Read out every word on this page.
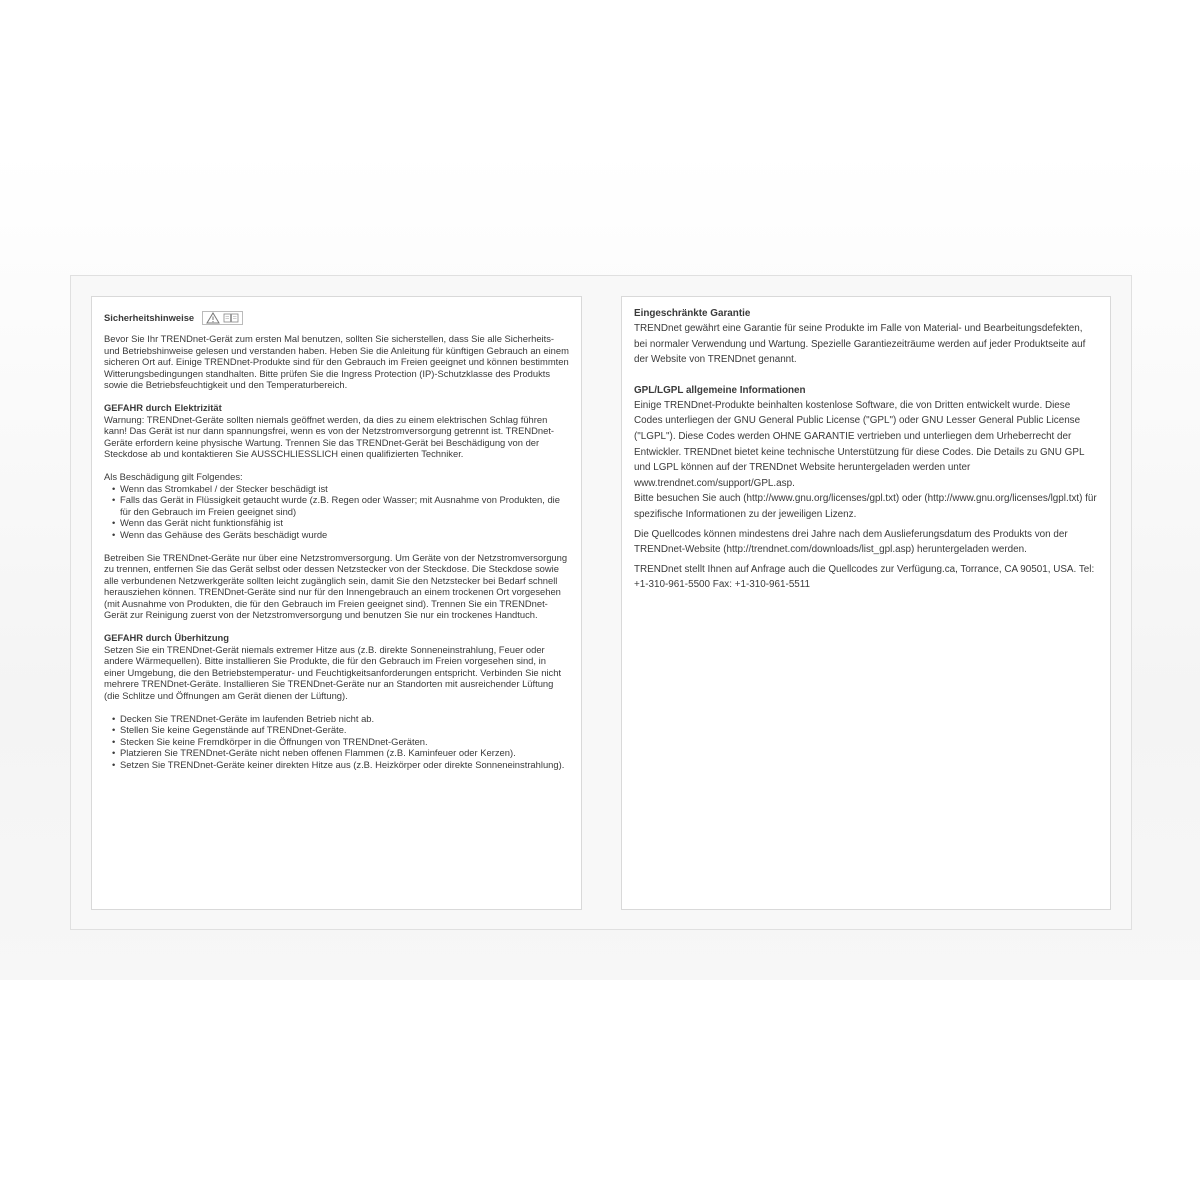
Sicherheitshinweise

Bevor Sie Ihr TRENDnet-Gerät zum ersten Mal benutzen, sollten Sie sicherstellen, dass Sie alle Sicherheits- und Betriebshinweise gelesen und verstanden haben. Heben Sie die Anleitung für künftigen Gebrauch an einem sicheren Ort auf. Einige TRENDnet-Produkte sind für den Gebrauch im Freien geeignet und können bestimmten Witterungsbedingungen standhalten. Bitte prüfen Sie die Ingress Protection (IP)-Schutzklasse des Produkts sowie die Betriebsfeuchtigkeit und den Temperaturbereich.

GEFAHR durch Elektrizität

Warnung: TRENDnet-Geräte sollten niemals geöffnet werden, da dies zu einem elektrischen Schlag führen kann! Das Gerät ist nur dann spannungsfrei, wenn es von der Netzstromversorgung getrennt ist. TRENDnet-Geräte erfordern keine physische Wartung. Trennen Sie das TRENDnet-Gerät bei Beschädigung von der Steckdose ab und kontaktieren Sie AUSSCHLIESSLICH einen qualifizierten Techniker.

Als Beschädigung gilt Folgendes:

• Wenn das Stromkabel / der Stecker beschädigt ist
• Falls das Gerät in Flüssigkeit getaucht wurde (z.B. Regen oder Wasser; mit Ausnahme von Produkten, die für den Gebrauch im Freien geeignet sind)
• Wenn das Gerät nicht funktionsfähig ist
• Wenn das Gehäuse des Geräts beschädigt wurde

Betreiben Sie TRENDnet-Geräte nur über eine Netzstromversorgung. Um Geräte von der Netzstromversorgung zu trennen, entfernen Sie das Gerät selbst oder dessen Netzstecker von der Steckdose. Die Steckdose sowie alle verbundenen Netzwerkgeräte sollten leicht zugänglich sein, damit Sie den Netzstecker bei Bedarf schnell herausziehen können. TRENDnet-Geräte sind nur für den Innengebrauch an einem trockenen Ort vorgesehen (mit Ausnahme von Produkten, die für den Gebrauch im Freien geeignet sind). Trennen Sie ein TRENDnet-Gerät zur Reinigung zuerst von der Netzstromversorgung und benutzen Sie nur ein trockenes Handtuch.

GEFAHR durch Überhitzung

Setzen Sie ein TRENDnet-Gerät niemals extremer Hitze aus (z.B. direkte Sonneneinstrahlung, Feuer oder andere Wärmequellen). Bitte installieren Sie Produkte, die für den Gebrauch im Freien vorgesehen sind, in einer Umgebung, die den Betriebstemperatur- und Feuchtigkeitsanforderungen entspricht. Verbinden Sie nicht mehrere TRENDnet-Geräte. Installieren Sie TRENDnet-Geräte nur an Standorten mit ausreichender Lüftung (die Schlitze und Öffnungen am Gerät dienen der Lüftung).

• Decken Sie TRENDnet-Geräte im laufenden Betrieb nicht ab.
• Stellen Sie keine Gegenstände auf TRENDnet-Geräte.
• Stecken Sie keine Fremdkörper in die Öffnungen von TRENDnet-Geräten.
• Platzieren Sie TRENDnet-Geräte nicht neben offenen Flammen (z.B. Kaminfeuer oder Kerzen).
• Setzen Sie TRENDnet-Geräte keiner direkten Hitze aus (z.B. Heizkörper oder direkte Sonneneinstrahlung).

Eingeschränkte Garantie

TRENDnet gewährt eine Garantie für seine Produkte im Falle von Material- und Bearbeitungsdefekten, bei normaler Verwendung und Wartung. Spezielle Garantiezeiträume werden auf jeder Produktseite auf der Website von TRENDnet genannt.

GPL/LGPL allgemeine Informationen

Einige TRENDnet-Produkte beinhalten kostenlose Software, die von Dritten entwickelt wurde. Diese Codes unterliegen der GNU General Public License ("GPL") oder GNU Lesser General Public License ("LGPL"). Diese Codes werden OHNE GARANTIE vertrieben und unterliegen dem Urheberrecht der Entwickler. TRENDnet bietet keine technische Unterstützung für diese Codes. Die Details zu GNU GPL und LGPL können auf der TRENDnet Website heruntergeladen werden unter www.trendnet.com/support/GPL.asp.

Bitte besuchen Sie auch (http://www.gnu.org/licenses/gpl.txt) oder (http://www.gnu.org/licenses/lgpl.txt) für spezifische Informationen zu der jeweiligen Lizenz.

Die Quellcodes können mindestens drei Jahre nach dem Auslieferungsdatum des Produkts von der TRENDnet-Website (http://trendnet.com/downloads/list_gpl.asp) heruntergeladen werden.

TRENDnet stellt Ihnen auf Anfrage auch die Quellcodes zur Verfügung.ca, Torrance, CA 90501, USA. Tel: +1-310-961-5500 Fax: +1-310-961-5511
